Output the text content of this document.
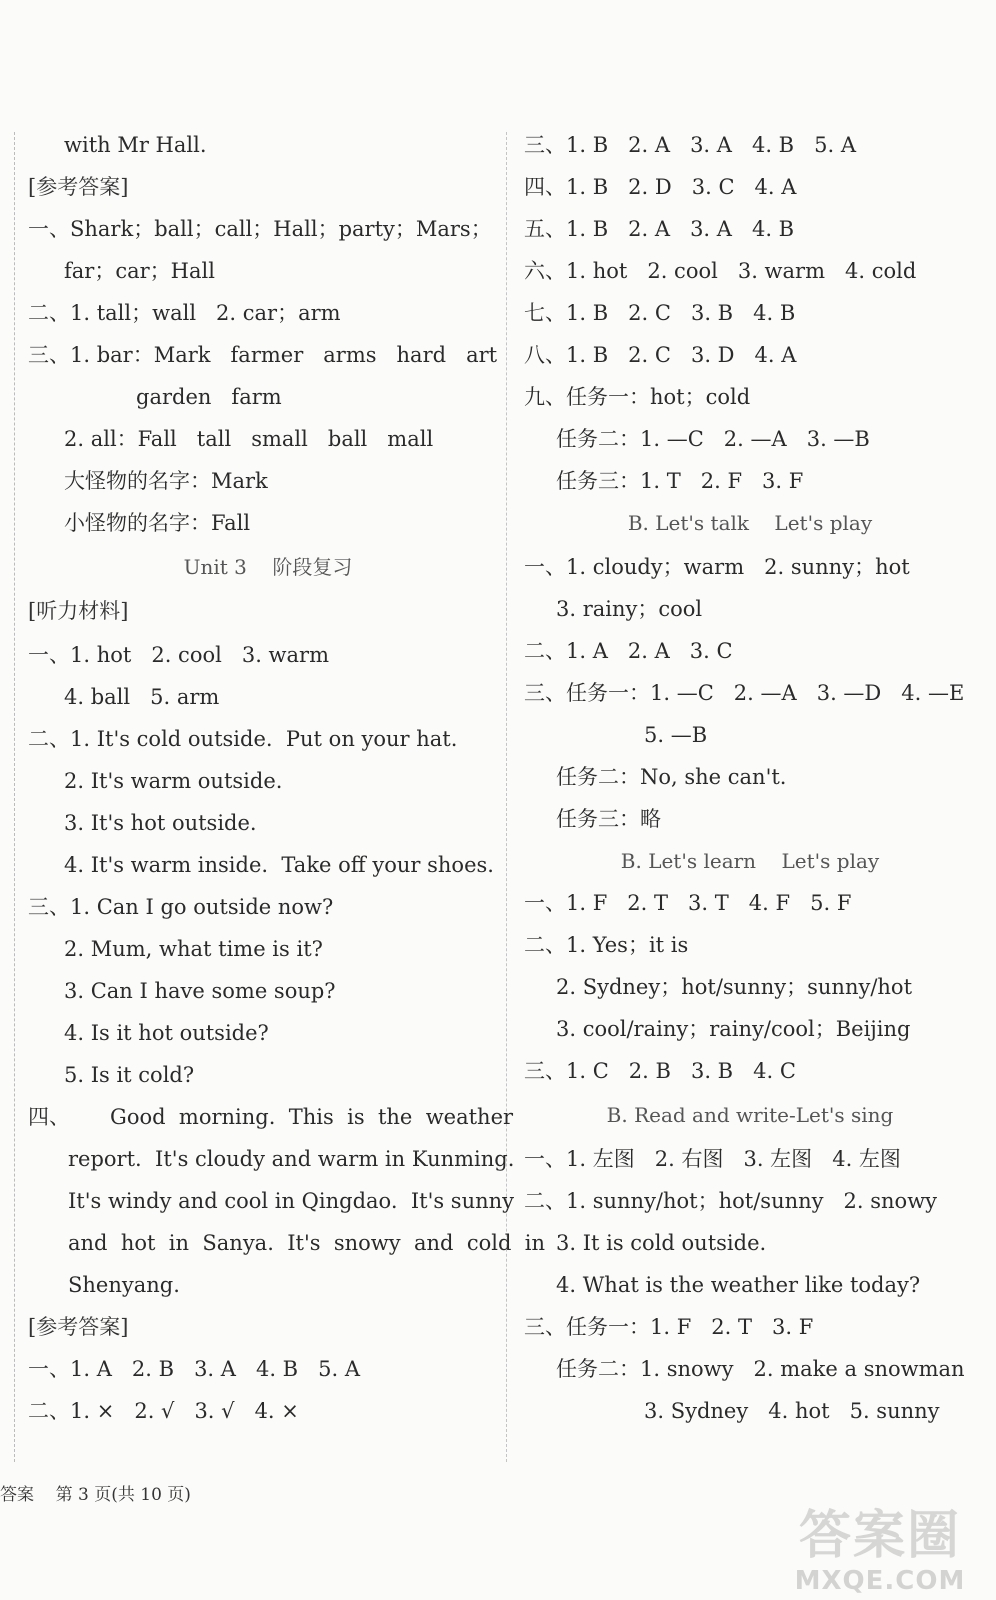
with Mr Hall.
[参考答案]
一、Shark；ball；call；Hall；party；Mars；
far；car；Hall
二、1. tall；wall   2. car；arm
三、1. bar：Mark   farmer   arms   hard   art
garden   farm
2. all：Fall   tall   small   ball   mall
大怪物的名字：Mark
小怪物的名字：Fall
Unit 3    阶段复习
[听力材料]
一、1. hot   2. cool   3. warm
4. ball   5. arm
二、1. It's cold outside.  Put on your hat.
2. It's warm outside.
3. It's hot outside.
4. It's warm inside.  Take off your shoes.
三、1. Can I go outside now?
2. Mum, what time is it?
3. Can I have some soup?
4. Is it hot outside?
5. Is it cold?
四、      Good  morning.  This  is  the  weather
report.  It's cloudy and warm in Kunming.
It's windy and cool in Qingdao.  It's sunny
and  hot  in  Sanya.  It's  snowy  and  cold  in
Shenyang.
[参考答案]
一、1. A   2. B   3. A   4. B   5. A
二、1. ×   2. √   3. √   4. ×
三、1. B   2. A   3. A   4. B   5. A
四、1. B   2. D   3. C   4. A
五、1. B   2. A   3. A   4. B
六、1. hot   2. cool   3. warm   4. cold
七、1. B   2. C   3. B   4. B
八、1. B   2. C   3. D   4. A
九、任务一：hot；cold
任务二：1. —C   2. —A   3. —B
任务三：1. T   2. F   3. F
B. Let's talk    Let's play
一、1. cloudy；warm   2. sunny；hot
3. rainy；cool
二、1. A   2. A   3. C
三、任务一：1. —C   2. —A   3. —D   4. —E
5. —B
任务二：No, she can't.
任务三：略
B. Let's learn    Let's play
一、1. F   2. T   3. T   4. F   5. F
二、1. Yes；it is
2. Sydney；hot/sunny；sunny/hot
3. cool/rainy；rainy/cool；Beijing
三、1. C   2. B   3. B   4. C
B. Read and write-Let's sing
一、1. 左图   2. 右图   3. 左图   4. 左图
二、1. sunny/hot；hot/sunny   2. snowy
3. It is cold outside.
4. What is the weather like today?
三、任务一：1. F   2. T   3. F
任务二：1. snowy   2. make a snowman
3. Sydney   4. hot   5. sunny
答案    第 3 页(共 10 页)
答案圈
MXQE.COM
